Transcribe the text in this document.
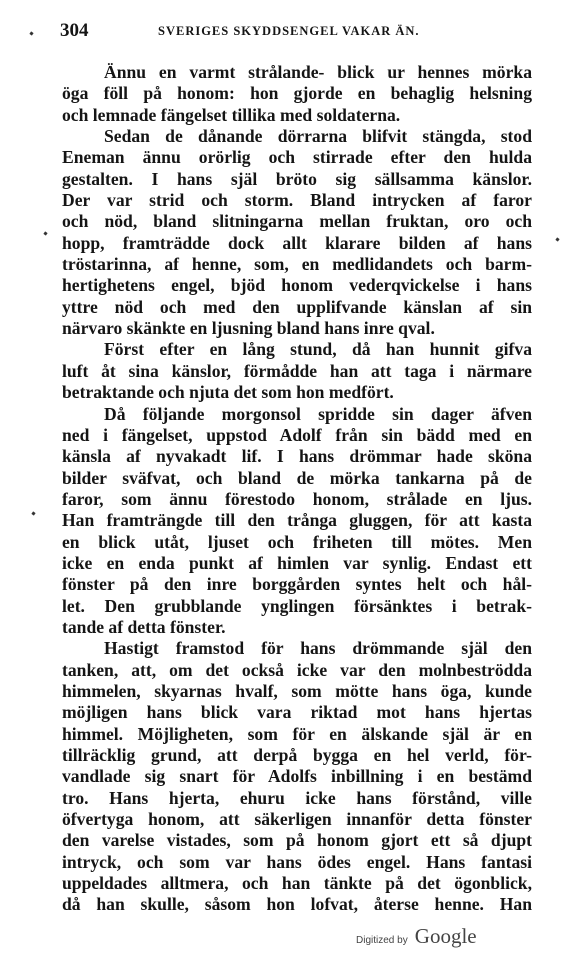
304	SVERIGES SKYDDSENGEL VAKAR ÄN.
Ännu en varmt strålande- blick ur hennes mörka
öga föll på honom: hon gjorde en behaglig helsning
och lemnade fängelset tillika med soldaterna.
Sedan de dånande dörrarna blifvit stängda, stod
Eneman ännu orörlig och stirrade efter den hulda
gestalten. I hans själ bröto sig sällsamma känslor.
Der var strid och storm. Bland intrycken af faror
och nöd, bland slitningarna mellan fruktan, oro och
hopp, framträdde dock allt klarare bilden af hans
tröstarinna, af henne, som, en medlidandets och barm-
hertighetens engel, bjöd honom vederqvickelse i hans
yttre nöd och med den upplifvande känslan af sin
närvaro skänkte en ljusning bland hans inre qval.
Först efter en lång stund, då han hunnit gifva
luft åt sina känslor, förmådde han att taga i närmare
betraktande och njuta det som hon medfört.
Då följande morgonsol spridde sin dager äfven
ned i fängelset, uppstod Adolf från sin bädd med en
känsla af nyvakadt lif. I hans drömmar hade sköna
bilder sväfvat, och bland de mörka tankarna på de
faror, som ännu förestodo honom, strålade en ljus.
Han framträngde till den trånga gluggen, för att kasta
en blick utåt, ljuset och friheten till mötes. Men
icke en enda punkt af himlen var synlig. Endast ett
fönster på den inre borggården syntes helt och hål-
let. Den grubblande ynglingen försänktes i betrak-
tande af detta fönster.
Hastigt framstod för hans drömmande själ den
tanken, att, om det också icke var den molnbeströdda
himmelen, skyarnas hvalf, som mötte hans öga, kunde
möjligen hans blick vara riktad mot hans hjertas
himmel. Möjligheten, som för en älskande själ är en
tillräcklig grund, att derpå bygga en hel verld, för-
vandlade sig snart för Adolfs inbillning i en bestämd
tro. Hans hjerta, ehuru icke hans förstånd, ville
öfvertyga honom, att säkerligen innanför detta fönster
den varelse vistades, som på honom gjort ett så djupt
intryck, och som var hans ödes engel. Hans fantasi
uppeldades alltmera, och han tänkte på det ögonblick,
då han skulle, såsom hon lofvat, återse henne. Han
Digitized by Google
